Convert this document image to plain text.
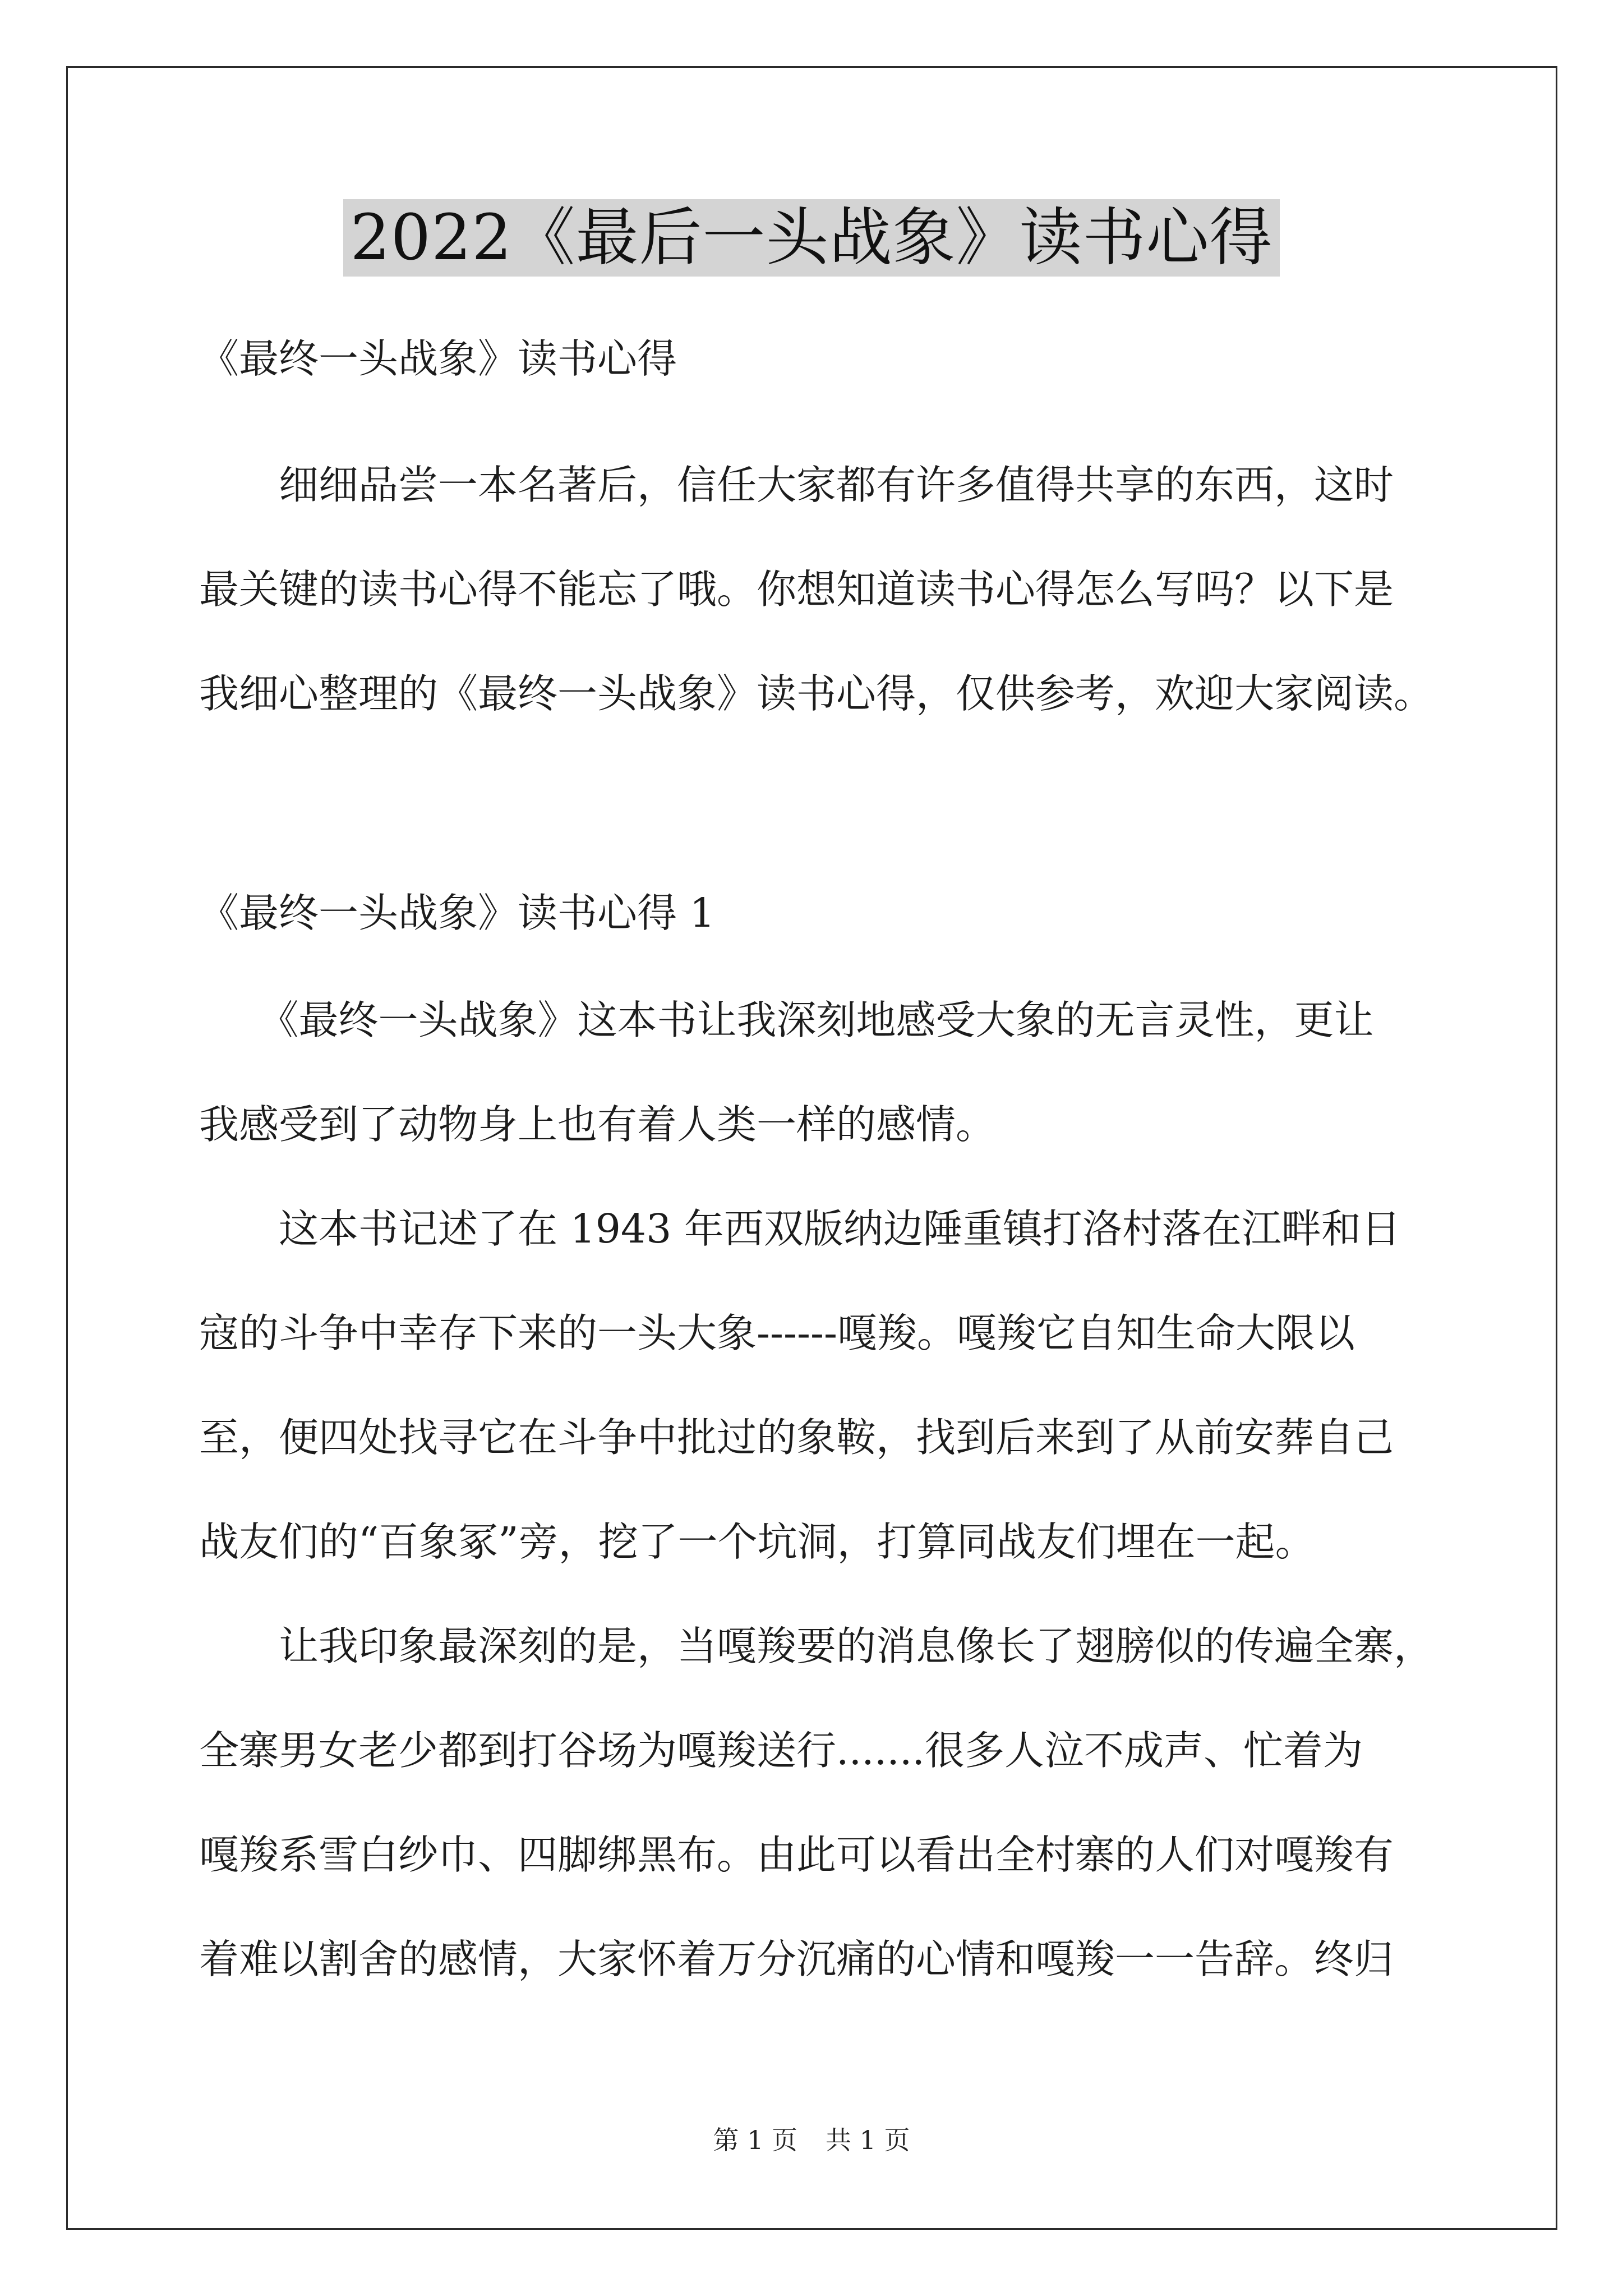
2022《最后一头战象》读书心得
《最终一头战象》读书心得
　　细细品尝一本名著后，信任大家都有许多值得共享的东西，这时
最关键的读书心得不能忘了哦。你想知道读书心得怎么写吗？以下是
我细心整理的《最终一头战象》读书心得，仅供参考，欢迎大家阅读。
《最终一头战象》读书心得 1
　　《最终一头战象》这本书让我深刻地感受大象的无言灵性，更让
我感受到了动物身上也有着人类一样的感情。
　　这本书记述了在 1943 年西双版纳边陲重镇打洛村落在江畔和日
寇的斗争中幸存下来的一头大象------嘎羧。嘎羧它自知生命大限以
至，便四处找寻它在斗争中批过的象鞍，找到后来到了从前安葬自己
战友们的“百象冢”旁，挖了一个坑洞，打算同战友们埋在一起。
　　让我印象最深刻的是，当嘎羧要的消息像长了翅膀似的传遍全寨，
全寨男女老少都到打谷场为嘎羧送行.......很多人泣不成声、忙着为
嘎羧系雪白纱巾、四脚绑黑布。由此可以看出全村寨的人们对嘎羧有
着难以割舍的感情，大家怀着万分沉痛的心情和嘎羧一一告辞。终归
第 1 页 共 1 页
